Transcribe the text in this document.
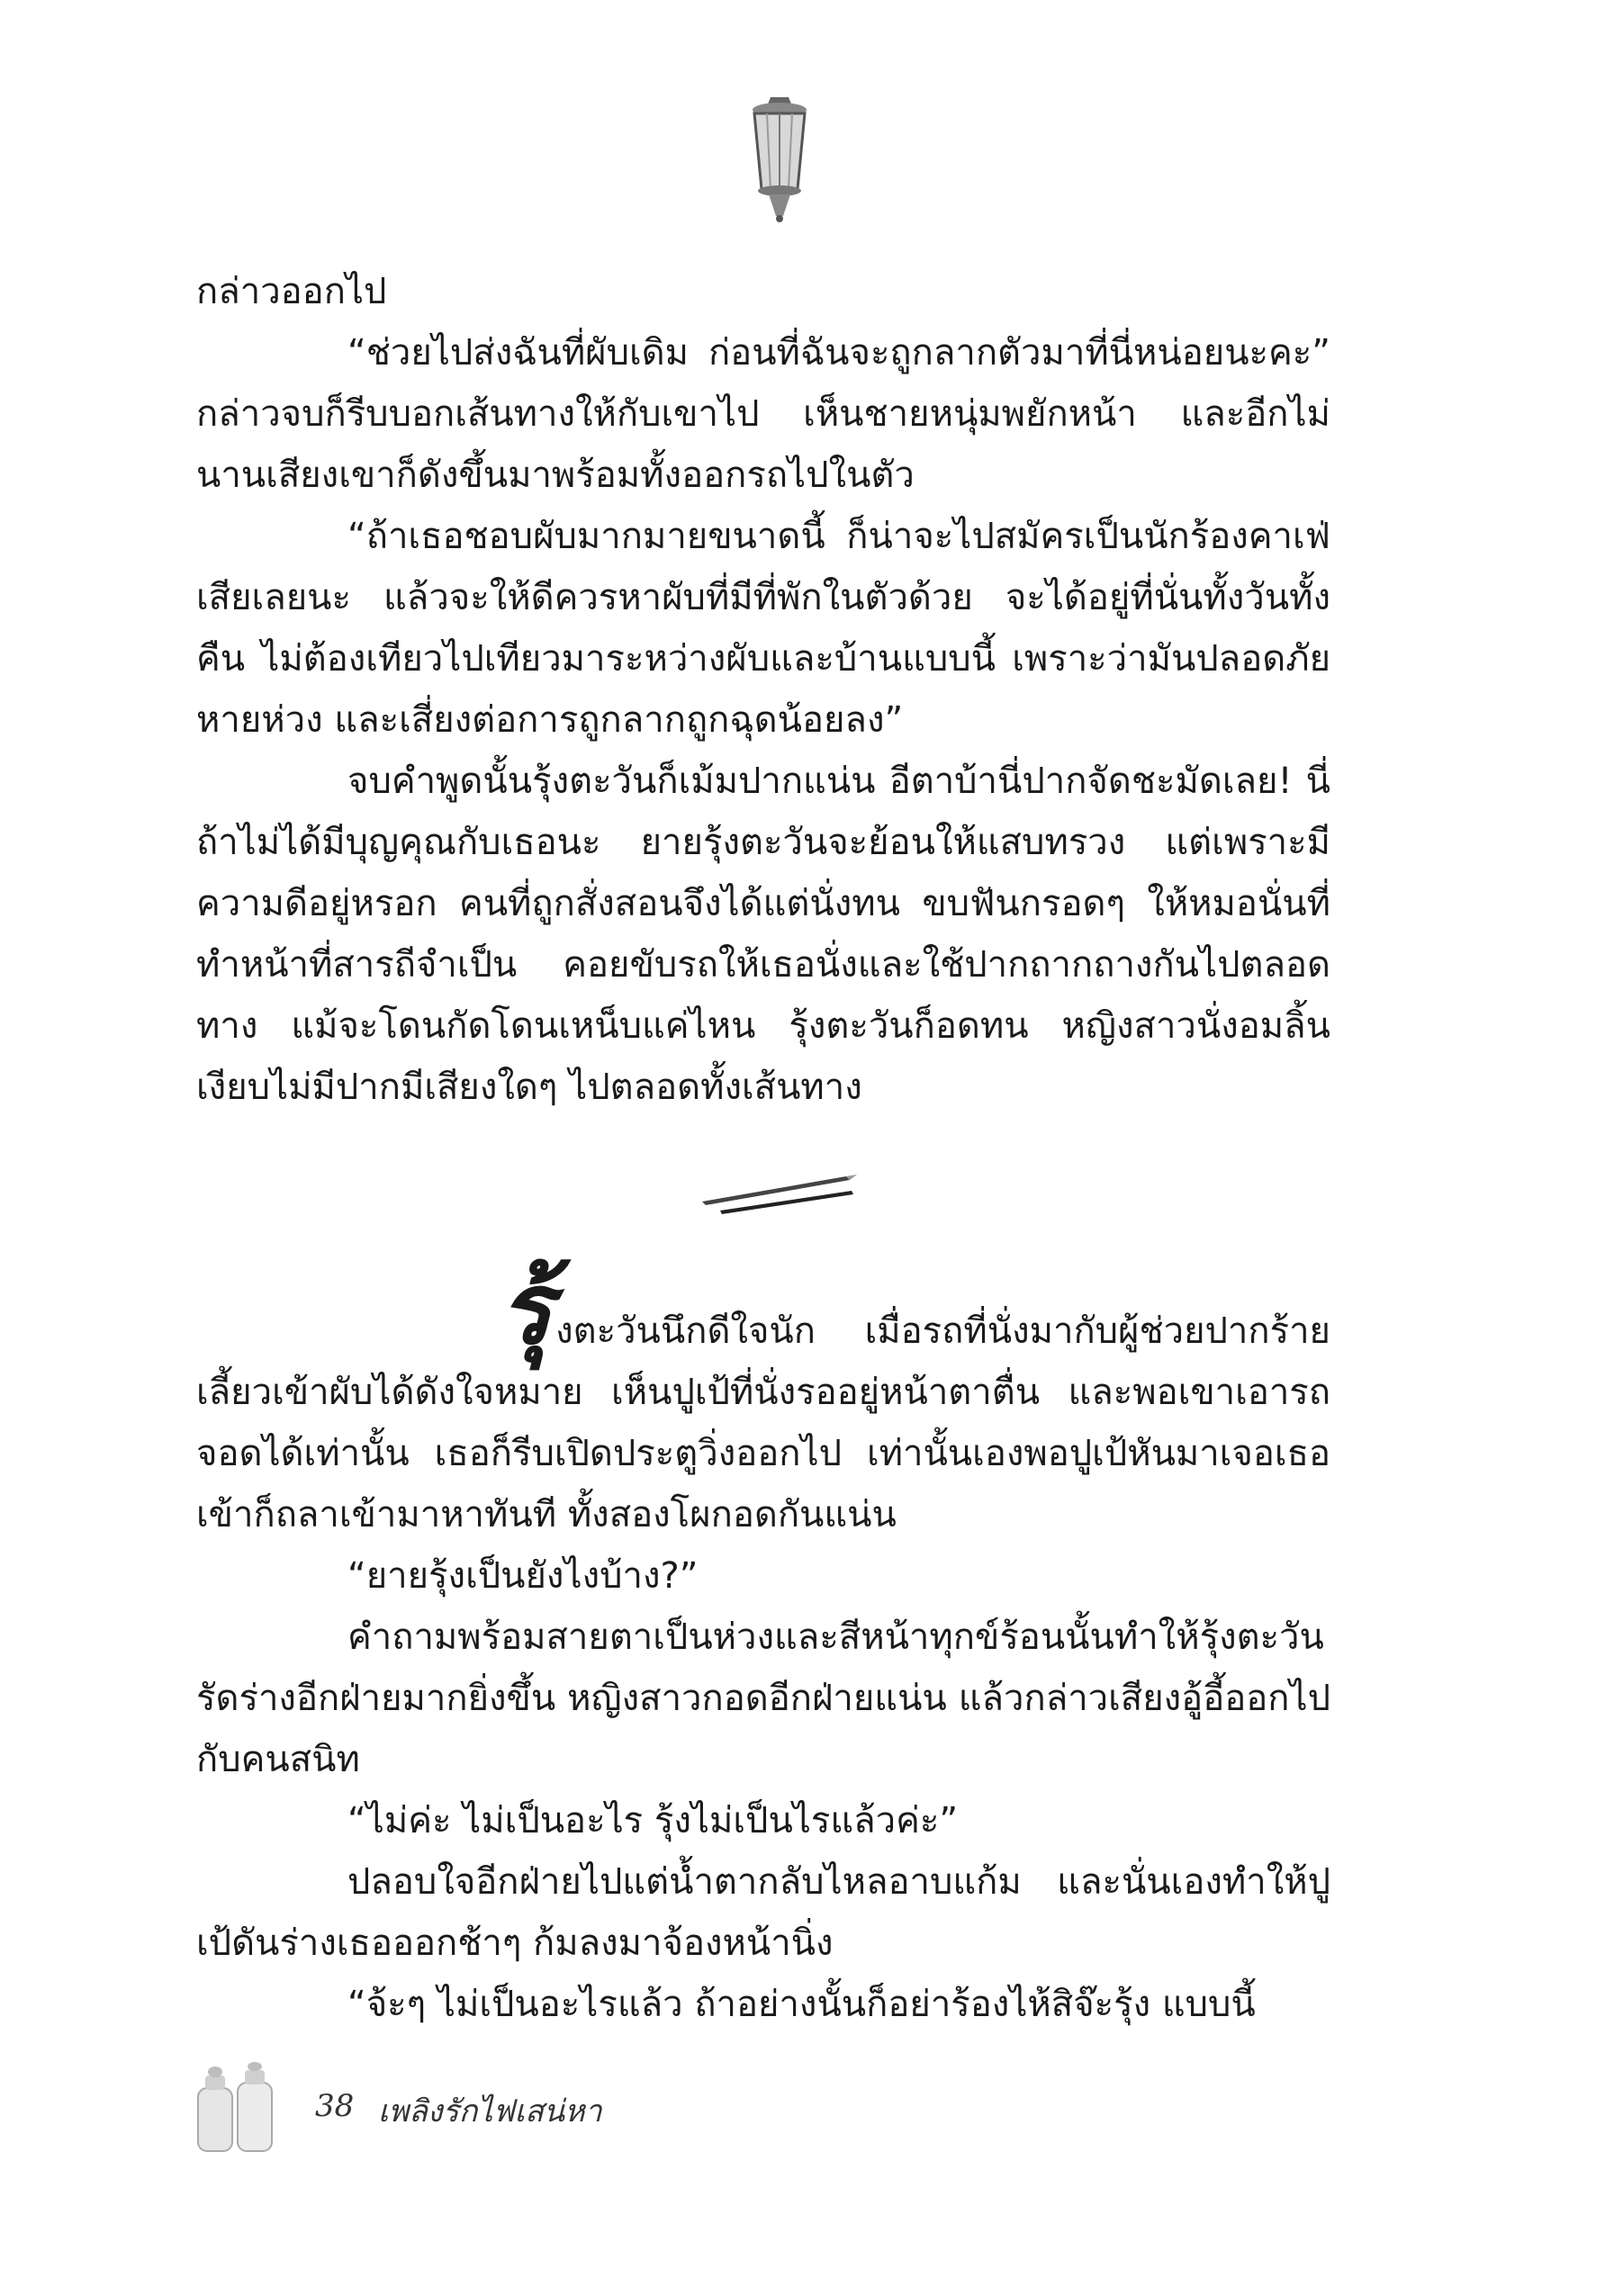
กล่าวออกไป

“ช่วยไปส่งฉันที่ผับเดิม ก่อนที่ฉันจะถูกลากตัวมาที่นี่หน่อยนะคะ” กล่าวจบก็รีบบอกเส้นทางให้กับเขาไป เห็นชายหนุ่มพยักหน้า และอีกไม่นานเสียงเขาก็ดังขึ้นมาพร้อมทั้งออกรถไปในตัว

“ถ้าเธอชอบผับมากมายขนาดนี้ ก็น่าจะไปสมัครเป็นนักร้องคาเฟ่เสียเลยนะ แล้วจะให้ดีควรหาผับที่มีที่พักในตัวด้วย จะได้อยู่ที่นั่นทั้งวันทั้งคืน ไม่ต้องเทียวไปเทียวมาระหว่างผับและบ้านแบบนี้ เพราะว่ามันปลอดภัยหายห่วง และเสี่ยงต่อการถูกลากถูกฉุดน้อยลง”

จบคำพูดนั้นรุ้งตะวันก็เม้มปากแน่น อีตาบ้านี่ปากจัดชะมัดเลย! นี่ถ้าไม่ได้มีบุญคุณกับเธอนะ ยายรุ้งตะวันจะย้อนให้แสบทรวง แต่เพราะมีความดีอยู่หรอก คนที่ถูกสั่งสอนจึงได้แต่นั่งทน ขบฟันกรอดๆ ให้หมอนั่นที่ทำหน้าที่สารถีจำเป็น คอยขับรถให้เธอนั่งและใช้ปากถากถางกันไปตลอดทาง แม้จะโดนกัดโดนเหน็บแค่ไหน รุ้งตะวันก็อดทน หญิงสาวนั่งอมลิ้นเงียบไม่มีปากมีเสียงใดๆ ไปตลอดทั้งเส้นทาง

รุ้งตะวันนึกดีใจนัก เมื่อรถที่นั่งมากับผู้ช่วยปากร้ายเลี้ยวเข้าผับได้ดังใจหมาย เห็นปูเป้ที่นั่งรออยู่หน้าตาตื่น และพอเขาเอารถจอดได้เท่านั้น เธอก็รีบเปิดประตูวิ่งออกไป เท่านั้นเองพอปูเป้หันมาเจอเธอเข้าก็ถลาเข้ามาหาทันที ทั้งสองโผกอดกันแน่น

“ยายรุ้งเป็นยังไงบ้าง?”

คำถามพร้อมสายตาเป็นห่วงและสีหน้าทุกข์ร้อนนั้นทำให้รุ้งตะวันรัดร่างอีกฝ่ายมากยิ่งขึ้น หญิงสาวกอดอีกฝ่ายแน่น แล้วกล่าวเสียงอู้อี้ออกไปกับคนสนิท

“ไม่ค่ะ ไม่เป็นอะไร รุ้งไม่เป็นไรแล้วค่ะ”

ปลอบใจอีกฝ่ายไปแต่น้ำตากลับไหลอาบแก้ม และนั่นเองทำให้ปูเป้ดันร่างเธอออกช้าๆ ก้มลงมาจ้องหน้านิ่ง

“จ้ะๆ ไม่เป็นอะไรแล้ว ถ้าอย่างนั้นก็อย่าร้องไห้สิจ๊ะรุ้ง แบบนี้

38 เพลิงรักไฟเสน่หา
